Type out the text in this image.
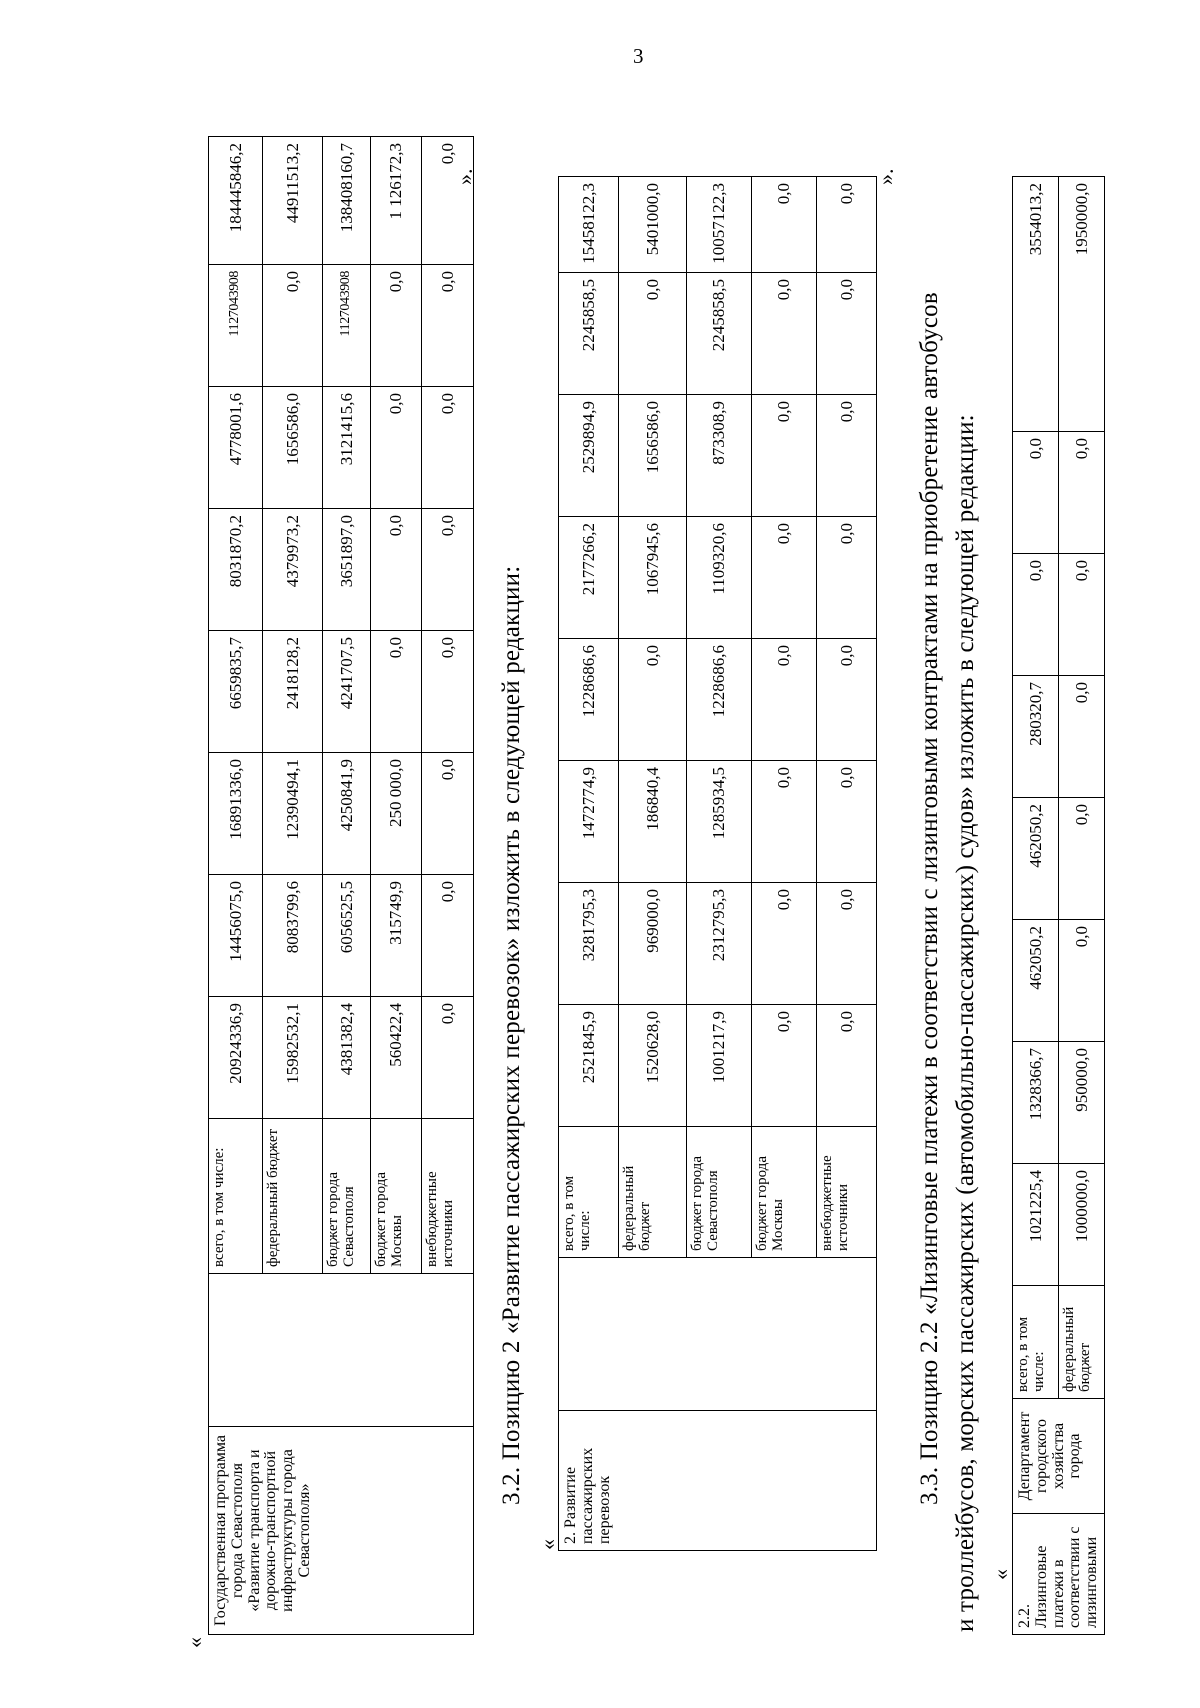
3
«
Государственная программа города Севастополя «Развитие транспорта и дорожно-транспортной инфраструктуры города Севастополя»		всего, в том числе:	20924336,9	14456075,0	16891336,0	6659835,7	8031870,2	4778001,6	1127043908	184445846,2
		федеральный бюджет	15982532,1	8083799,6	12390494,1	2418128,2	4379973,2	1656586,0	0,0	44911513,2
		бюджет города Севастополя	4381382,4	6056525,5	4250841,9	4241707,5	3651897,0	3121415,6	1127043908	138408160,7
		бюджет города Москвы	560422,4	315749,9	250 000,0	0,0	0,0	0,0	0,0	1 126172,3
		внебюджетные источники	0,0	0,0	0,0	0,0	0,0	0,0	0,0	0,0
».
3.2. Позицию 2 «Развитие пассажирских перевозок» изложить в следующей редакции:
«
2. Развитие пассажирских перевозок		всего, в том числе:	2521845,9	3281795,3	1472774,9	1228686,6	2177266,2	2529894,9	2245858,5	15458122,3
		федеральный бюджет	1520628,0	969000,0	186840,4	0,0	1067945,6	1656586,0	0,0	5401000,0
		бюджет города Севастополя	1001217,9	2312795,3	1285934,5	1228686,6	1109320,6	873308,9	2245858,5	10057122,3
		бюджет города Москвы	0,0	0,0	0,0	0,0	0,0	0,0	0,0	0,0
		внебюджетные источники	0,0	0,0	0,0	0,0	0,0	0,0	0,0	0,0
».
3.3. Позицию 2.2 «Лизинговые платежи в соответствии с лизинговыми контрактами на приобретение автобусов и троллейбусов, морских пассажирских (автомобильно-пассажирских) судов» изложить в следующей редакции: «
2.2. Лизинговые платежи в соответствии с лизинговыми	Департамент городского хозяйства города	всего, в том числе:	1021225,4	1328366,7	462050,2	462050,2	280320,7	0,0	0,0	3554013,2
		федеральный бюджет	1000000,0	950000,0	0,0	0,0	0,0	0,0	0,0	1950000,0
